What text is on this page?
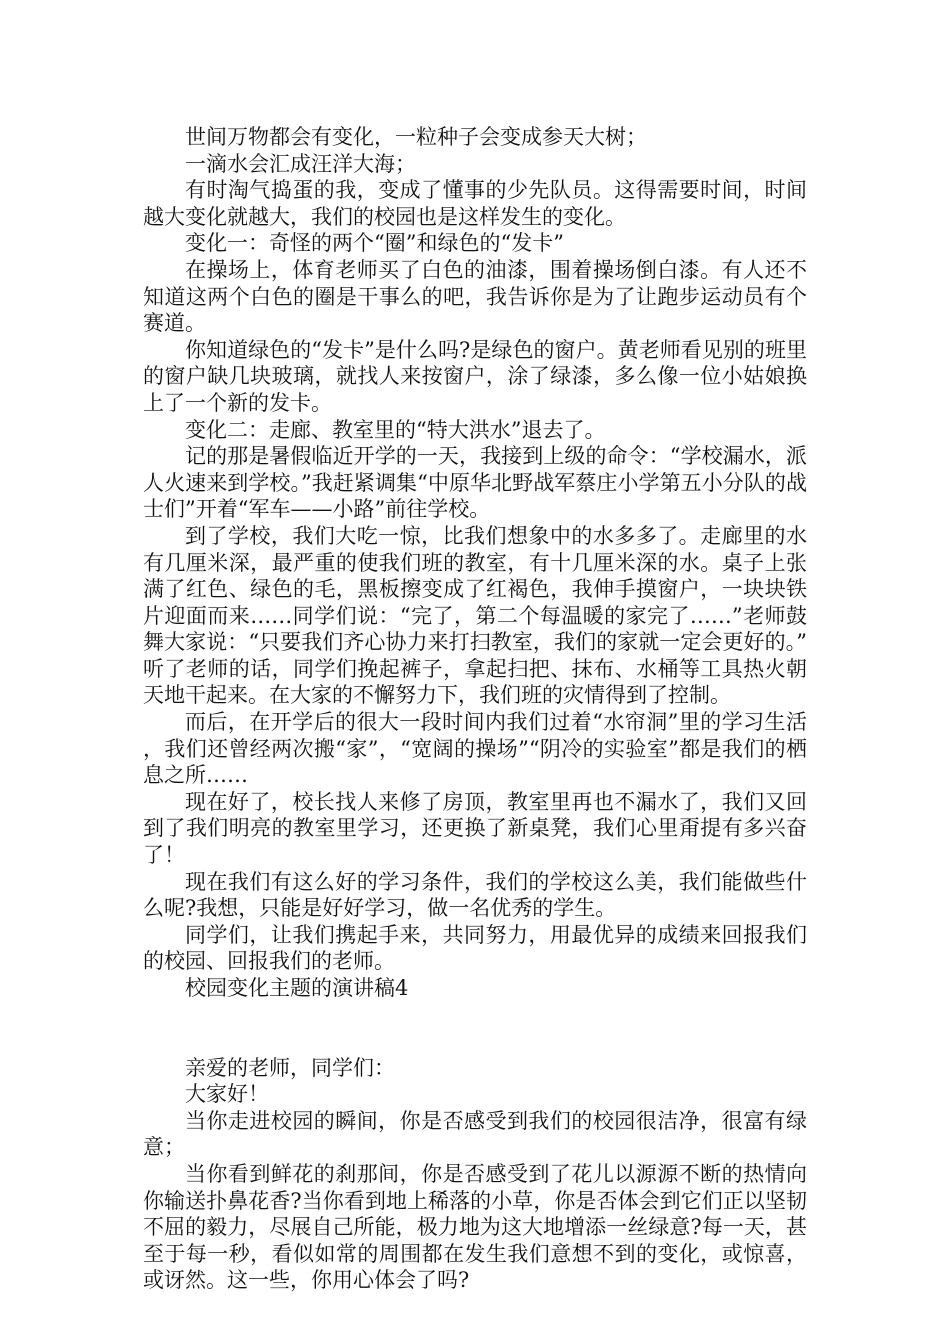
世间万物都会有变化，一粒种子会变成参天大树；

一滴水会汇成汪洋大海；

有时淘气捣蛋的我，变成了懂事的少先队员。这得需要时间，时间越大变化就越大，我们的校园也是这样发生的变化。

变化一：奇怪的两个“圈”和绿色的“发卡”

在操场上，体育老师买了白色的油漆，围着操场倒白漆。有人还不知道这两个白色的圈是干事么的吧，我告诉你是为了让跑步运动员有个赛道。

你知道绿色的“发卡”是什么吗?是绿色的窗户。黄老师看见别的班里的窗户缺几块玻璃，就找人来按窗户，涂了绿漆，多么像一位小姑娘换上了一个新的发卡。

变化二：走廊、教室里的“特大洪水”退去了。

记的那是暑假临近开学的一天，我接到上级的命令：“学校漏水，派人火速来到学校。”我赶紧调集“中原华北野战军蔡庄小学第五小分队的战士们”开着“军车——小路”前往学校。

到了学校，我们大吃一惊，比我们想象中的水多多了。走廊里的水有几厘米深，最严重的使我们班的教室，有十几厘米深的水。桌子上张满了红色、绿色的毛，黑板擦变成了红褐色，我伸手摸窗户，一块块铁片迎面而来……同学们说：“完了，第二个每温暖的家完了……”老师鼓舞大家说：“只要我们齐心协力来打扫教室，我们的家就一定会更好的。”听了老师的话，同学们挽起裤子，拿起扫把、抹布、水桶等工具热火朝天地干起来。在大家的不懈努力下，我们班的灾情得到了控制。

而后，在开学后的很大一段时间内我们过着“水帘洞”里的学习生活，我们还曾经两次搬“家”，“宽阔的操场”“阴冷的实验室”都是我们的栖息之所……

现在好了，校长找人来修了房顶，教室里再也不漏水了，我们又回到了我们明亮的教室里学习，还更换了新桌凳，我们心里甭提有多兴奋了！

现在我们有这么好的学习条件，我们的学校这么美，我们能做些什么呢?我想，只能是好好学习，做一名优秀的学生。

同学们，让我们携起手来，共同努力，用最优异的成绩来回报我们的校园、回报我们的老师。

校园变化主题的演讲稿4

亲爱的老师，同学们：

大家好！

当你走进校园的瞬间，你是否感受到我们的校园很洁净，很富有绿意；

当你看到鲜花的刹那间，你是否感受到了花儿以源源不断的热情向你输送扑鼻花香?当你看到地上稀落的小草，你是否体会到它们正以坚韧不屈的毅力，尽展自己所能，极力地为这大地增添一丝绿意?每一天，甚至于每一秒，看似如常的周围都在发生我们意想不到的变化，或惊喜，或讶然。这一些，你用心体会了吗?
